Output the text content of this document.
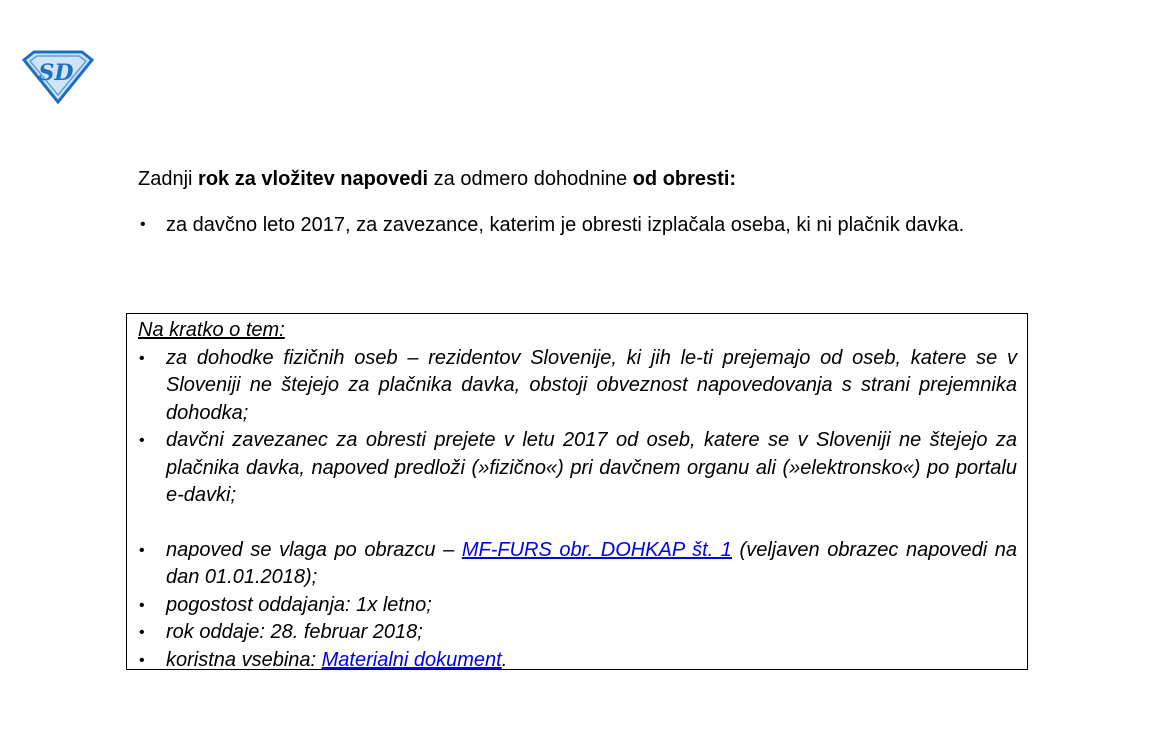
SD

Zadnji rok za vložitev napovedi za odmero dohodnine od obresti:

• za davčno leto 2017, za zavezance, katerim je obresti izplačala oseba, ki ni plačnik davka.

Na kratko o tem:

• za dohodke fizičnih oseb – rezidentov Slovenije, ki jih le-ti prejemajo od oseb, katere se v Sloveniji ne štejejo za plačnika davka, obstoji obveznost napovedovanja s strani prejemnika dohodka;
• davčni zavezanec za obresti prejete v letu 2017 od oseb, katere se v Sloveniji ne štejejo za plačnika davka, napoved predloži (»fizično«) pri davčnem organu ali (»elektronsko«) po portalu e-davki;
• napoved se vlaga po obrazcu – MF-FURS obr. DOHKAP št. 1 (veljaven obrazec napovedi na dan 01.01.2018);
• pogostost oddajanja: 1x letno;
• rok oddaje: 28. februar 2018;
• koristna vsebina: Materialni dokument.
